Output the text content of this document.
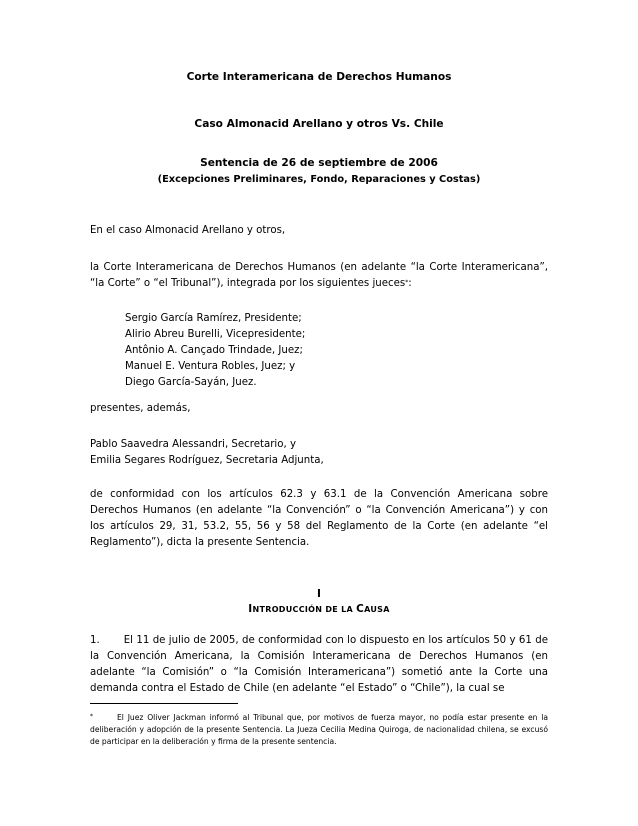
Corte Interamericana de Derechos Humanos
Caso Almonacid Arellano y otros Vs. Chile
Sentencia de 26 de septiembre de 2006
(Excepciones Preliminares, Fondo, Reparaciones y Costas)
En el caso Almonacid Arellano y otros,
la Corte Interamericana de Derechos Humanos (en adelante “la Corte Interamericana”, “la Corte” o “el Tribunal”), integrada por los siguientes jueces*:
Sergio García Ramírez, Presidente;
Alirio Abreu Burelli, Vicepresidente;
Antônio A. Cançado Trindade, Juez;
Manuel E. Ventura Robles, Juez; y
Diego García-Sayán, Juez.
presentes, además,
Pablo Saavedra Alessandri, Secretario, y
Emilia Segares Rodríguez, Secretaria Adjunta,
de conformidad con los artículos 62.3 y 63.1 de la Convención Americana sobre Derechos Humanos (en adelante “la Convención” o “la Convención Americana”) y con los artículos 29, 31, 53.2, 55, 56 y 58 del Reglamento de la Corte (en adelante “el Reglamento”), dicta la presente Sentencia.
I
INTRODUCCIÓN DE LA CAUSA
1. El 11 de julio de 2005, de conformidad con lo dispuesto en los artículos 50 y 61 de la Convención Americana, la Comisión Interamericana de Derechos Humanos (en adelante “la Comisión” o “la Comisión Interamericana”) sometió ante la Corte una demanda contra el Estado de Chile (en adelante “el Estado” o “Chile”), la cual se
*	El Juez Oliver Jackman informó al Tribunal que, por motivos de fuerza mayor, no podía estar presente en la deliberación y adopción de la presente Sentencia. La Jueza Cecilia Medina Quiroga, de nacionalidad chilena, se excusó de participar en la deliberación y firma de la presente sentencia.
